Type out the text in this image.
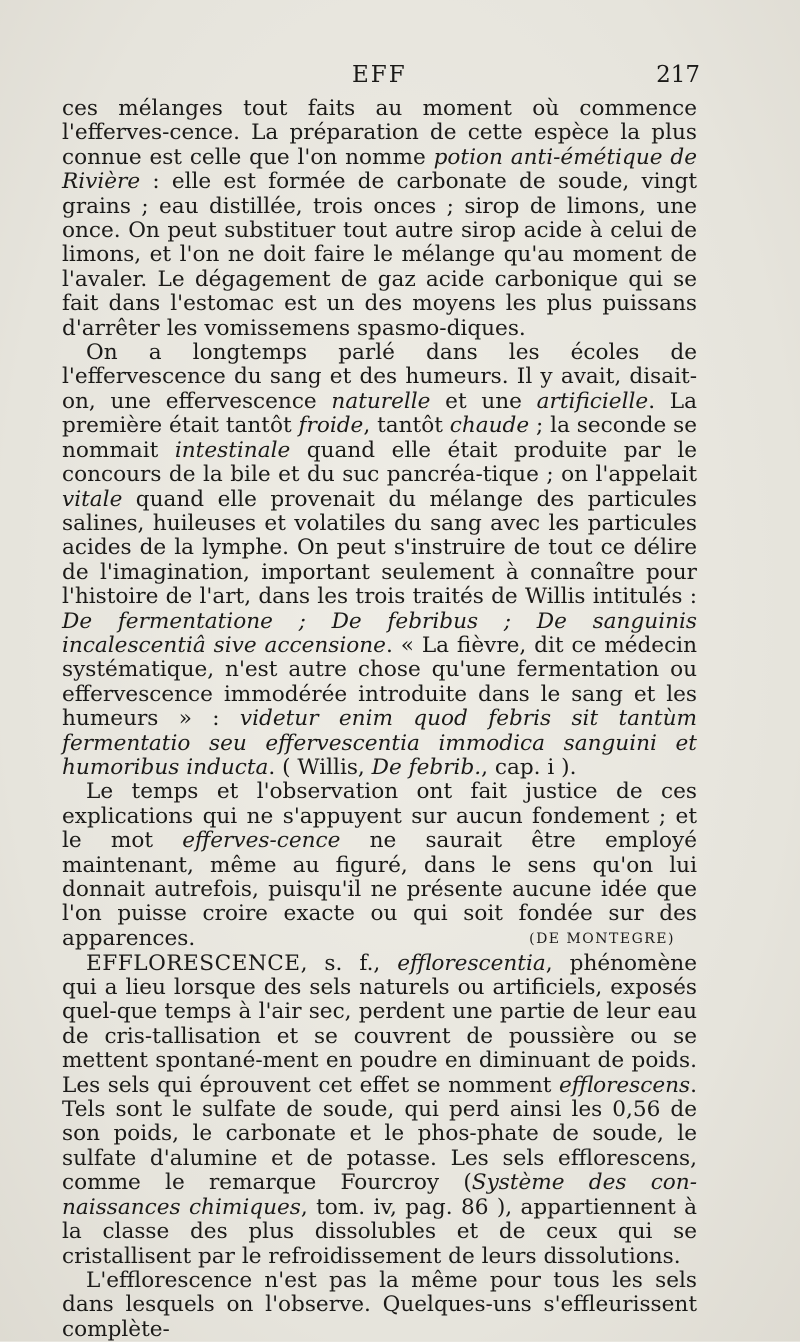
EFF	217

ces mélanges tout faits au moment où commence l'efferves-cence. La préparation de cette espèce la plus connue est celle que l'on nomme potion anti-émétique de Rivière : elle est formée de carbonate de soude, vingt grains ; eau distillée, trois onces ; sirop de limons, une once. On peut substituer tout autre sirop acide à celui de limons, et l'on ne doit faire le mélange qu'au moment de l'avaler. Le dégagement de gaz acide carbonique qui se fait dans l'estomac est un des moyens les plus puissans d'arrêter les vomissemens spasmo-diques.

On a longtemps parlé dans les écoles de l'effervescence du sang et des humeurs. Il y avait, disait-on, une effervescence naturelle et une artificielle. La première était tantôt froide, tantôt chaude ; la seconde se nommait intestinale quand elle était produite par le concours de la bile et du suc pancréa-tique ; on l'appelait vitale quand elle provenait du mélange des particules salines, huileuses et volatiles du sang avec les particules acides de la lymphe. On peut s'instruire de tout ce délire de l'imagination, important seulement à connaître pour l'histoire de l'art, dans les trois traités de Willis intitulés : De fermentatione ; De febribus ; De sanguinis incalescentiâ sive accensione. « La fièvre, dit ce médecin systématique, n'est autre chose qu'une fermentation ou effervescence immodérée introduite dans le sang et les humeurs » : videtur enim quod febris sit tantùm fermentatio seu effervescentia immodica sanguini et humoribus inducta. ( Willis, De febrib., cap. i ).

Le temps et l'observation ont fait justice de ces explications qui ne s'appuyent sur aucun fondement ; et le mot efferves-cence ne saurait être employé maintenant, même au figuré, dans le sens qu'on lui donnait autrefois, puisqu'il ne présente aucune idée que l'on puisse croire exacte ou qui soit fondée sur des apparences.	(DE MONTEGRE)

EFFLORESCENCE, s. f., efflorescentia, phénomène qui a lieu lorsque des sels naturels ou artificiels, exposés quel-que temps à l'air sec, perdent une partie de leur eau de cris-tallisation et se couvrent de poussière ou se mettent spontané-ment en poudre en diminuant de poids. Les sels qui éprouvent cet effet se nomment efflorescens. Tels sont le sulfate de soude, qui perd ainsi les 0,56 de son poids, le carbonate et le phos-phate de soude, le sulfate d'alumine et de potasse. Les sels efflorescens, comme le remarque Fourcroy (Système des con-naissances chimiques, tom. iv, pag. 86 ), appartiennent à la classe des plus dissolubles et de ceux qui se cristallisent par le refroidissement de leurs dissolutions.

L'efflorescence n'est pas la même pour tous les sels dans lesquels on l'observe. Quelques-uns s'effleurissent complète-
